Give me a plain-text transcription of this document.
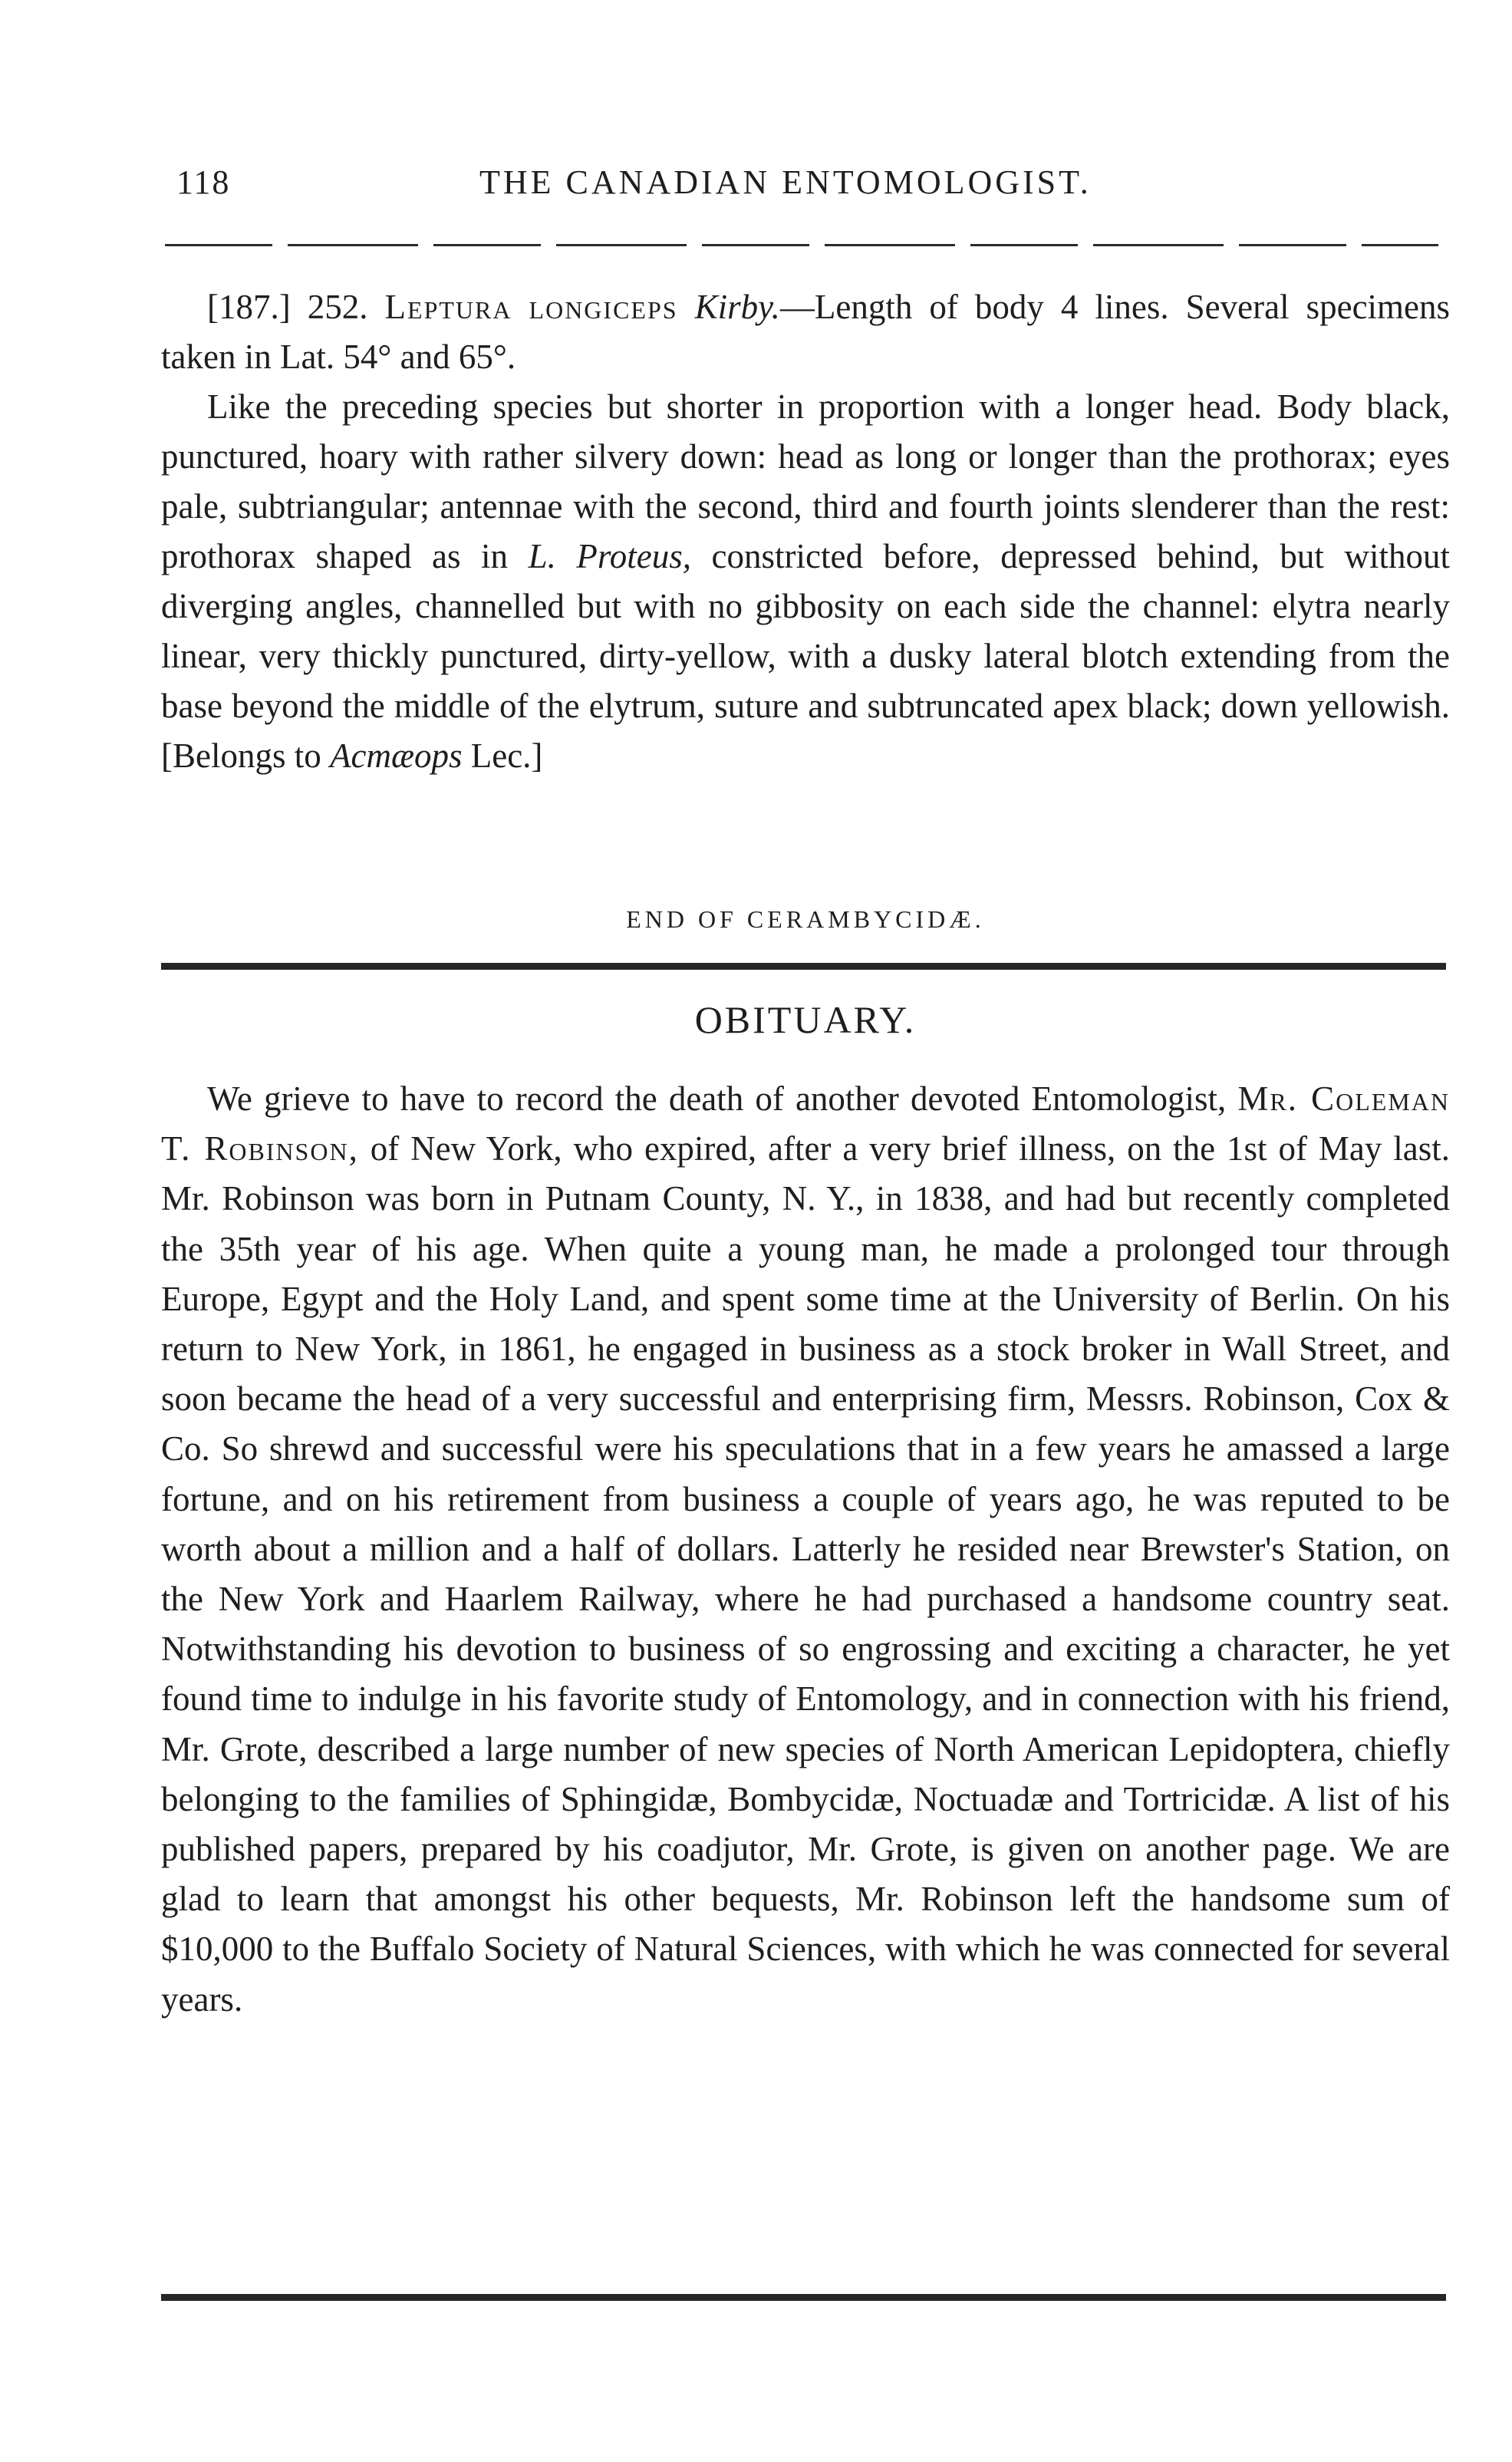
118	THE CANADIAN ENTOMOLOGIST.

[187.] 252. Leptura longiceps Kirby.—Length of body 4 lines. Several specimens taken in Lat. 54° and 65°.

Like the preceding species but shorter in proportion with a longer head. Body black, punctured, hoary with rather silvery down: head as long or longer than the prothorax; eyes pale, subtriangular; antennae with the second, third and fourth joints slenderer than the rest: prothorax shaped as in L. Proteus, constricted before, depressed behind, but without diverging angles, channelled but with no gibbosity on each side the channel: elytra nearly linear, very thickly punctured, dirty-yellow, with a dusky lateral blotch extending from the base beyond the middle of the elytrum, suture and subtruncated apex black; down yellowish. [Belongs to Acmæops Lec.]

END OF CERAMBYCIDÆ.
OBITUARY.

We grieve to have to record the death of another devoted Entomologist, Mr. Coleman T. Robinson, of New York, who expired, after a very brief illness, on the 1st of May last. Mr. Robinson was born in Putnam County, N. Y., in 1838, and had but recently completed the 35th year of his age. When quite a young man, he made a prolonged tour through Europe, Egypt and the Holy Land, and spent some time at the University of Berlin. On his return to New York, in 1861, he engaged in business as a stock broker in Wall Street, and soon became the head of a very successful and enterprising firm, Messrs. Robinson, Cox & Co. So shrewd and successful were his speculations that in a few years he amassed a large fortune, and on his retirement from business a couple of years ago, he was reputed to be worth about a million and a half of dollars. Latterly he resided near Brewster's Station, on the New York and Haarlem Railway, where he had purchased a handsome country seat. Notwithstanding his devotion to business of so engrossing and exciting a character, he yet found time to indulge in his favorite study of Entomology, and in connection with his friend, Mr. Grote, described a large number of new species of North American Lepidoptera, chiefly belonging to the families of Sphingidæ, Bombycidæ, Noctuadæ and Tortricidæ. A list of his published papers, prepared by his coadjutor, Mr. Grote, is given on another page. We are glad to learn that amongst his other bequests, Mr. Robinson left the handsome sum of $10,000 to the Buffalo Society of Natural Sciences, with which he was connected for several years.
